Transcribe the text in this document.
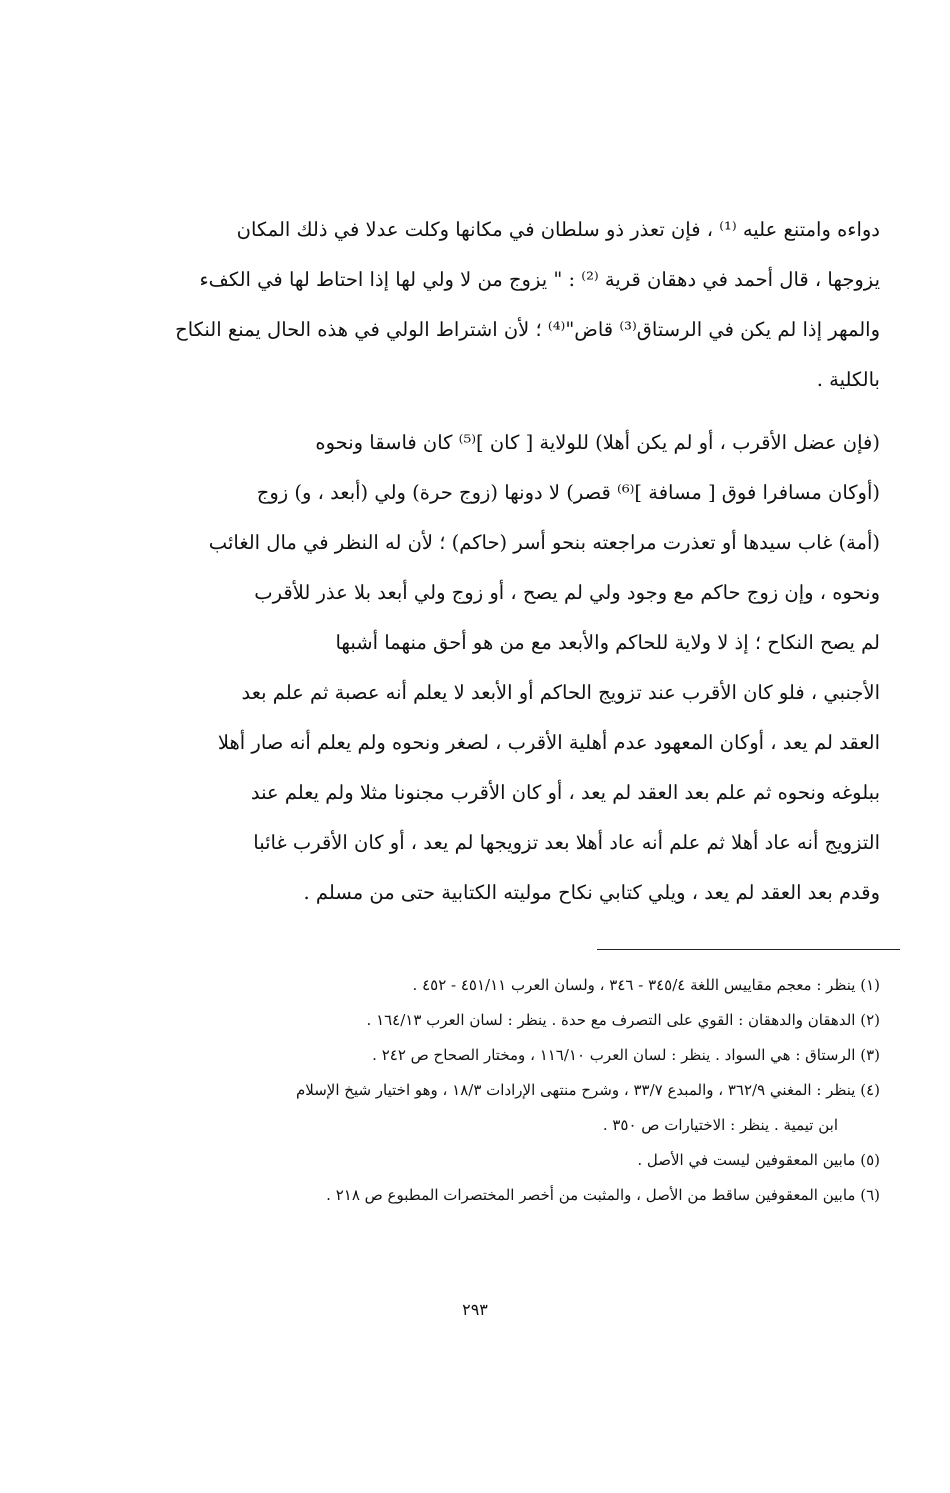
دواءه وامتنع عليه ⁽¹⁾ ، فإن تعذر ذو سلطان في مكانها وكلت عدلا في ذلك المكان
يزوجها ، قال أحمد في دهقان قرية ⁽²⁾ : " يزوج من لا ولي لها إذا احتاط لها في الكفء
والمهر إذا لم يكن في الرستاق⁽³⁾ قاض"⁽⁴⁾ ؛ لأن اشتراط الولي في هذه الحال يمنع النكاح
بالكلية .
(فإن عضل الأقرب ، أو لم يكن أهلا) للولاية [ كان ]⁽⁵⁾ كان فاسقا ونحوه
(أوكان مسافرا فوق [ مسافة ]⁽⁶⁾ قصر) لا دونها (زوج حرة) ولي (أبعد ، و) زوج
(أمة) غاب سيدها أو تعذرت مراجعته بنحو أسر (حاكم) ؛ لأن له النظر في مال الغائب
ونحوه ، وإن زوج حاكم مع وجود ولي لم يصح ، أو زوج ولي أبعد بلا عذر للأقرب
لم يصح النكاح ؛ إذ لا ولاية للحاكم والأبعد مع من هو أحق منهما أشبها
الأجنبي ، فلو كان الأقرب عند تزويج الحاكم أو الأبعد لا يعلم أنه عصبة ثم علم بعد
العقد لم يعد ، أوكان المعهود عدم أهلية الأقرب ، لصغر ونحوه ولم يعلم أنه صار أهلا
ببلوغه ونحوه ثم علم بعد العقد لم يعد ، أو كان الأقرب مجنونا مثلا ولم يعلم عند
التزويج أنه عاد أهلا ثم علم أنه عاد أهلا بعد تزويجها لم يعد ، أو كان الأقرب غائبا
وقدم بعد العقد لم يعد ، ويلي كتابي نكاح موليته الكتابية حتى من مسلم .
(١) ينظر : معجم مقاييس اللغة ٣٤٥/٤ - ٣٤٦ ، ولسان العرب ٤٥١/١١ - ٤٥٢ .
(٢) الدهقان والدهقان : القوي على التصرف مع حدة . ينظر : لسان العرب ١٦٤/١٣ .
(٣) الرستاق : هي السواد . ينظر : لسان العرب ١١٦/١٠ ، ومختار الصحاح ص ٢٤٢ .
(٤) ينظر : المغني ٣٦٢/٩ ، والمبدع ٣٣/٧ ، وشرح منتهى الإرادات ١٨/٣ ، وهو اختيار شيخ الإسلام
ابن تيمية . ينظر : الاختيارات ص ٣٥٠ .
(٥) مابين المعقوفين ليست في الأصل .
(٦) مابين المعقوفين ساقط من الأصل ، والمثبت من أخصر المختصرات المطبوع ص ٢١٨ .
٢٩٣
